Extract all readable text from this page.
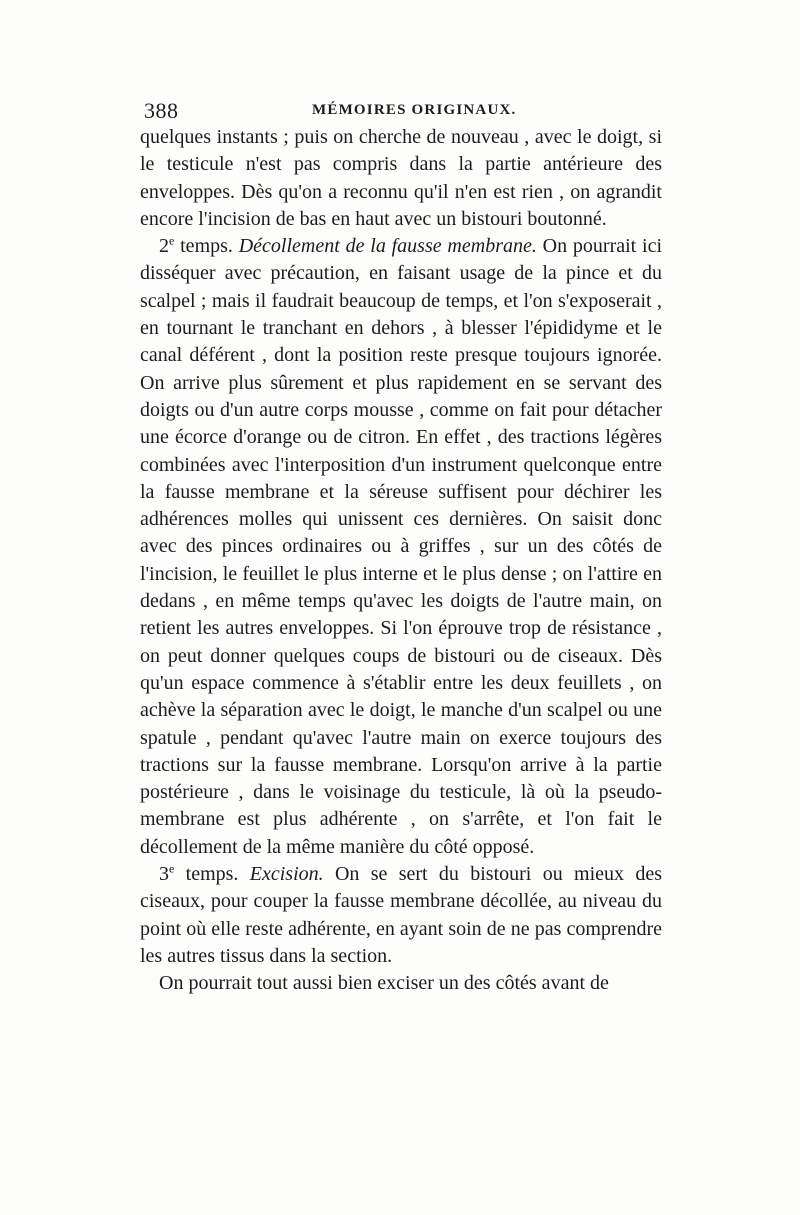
388	MÉMOIRES ORIGINAUX.

quelques instants ; puis on cherche de nouveau , avec le doigt, si le testicule n'est pas compris dans la partie antérieure des enveloppes. Dès qu'on a reconnu qu'il n'en est rien , on agrandit encore l'incision de bas en haut avec un bistouri boutonné.

2e temps. Décollement de la fausse membrane. On pourrait ici disséquer avec précaution, en faisant usage de la pince et du scalpel ; mais il faudrait beaucoup de temps, et l'on s'exposerait , en tournant le tranchant en dehors , à blesser l'épididyme et le canal déférent , dont la position reste presque toujours ignorée. On arrive plus sûrement et plus rapidement en se servant des doigts ou d'un autre corps mousse , comme on fait pour détacher une écorce d'orange ou de citron. En effet , des tractions légères combinées avec l'interposition d'un instrument quelconque entre la fausse membrane et la séreuse suffisent pour déchirer les adhérences molles qui unissent ces dernières. On saisit donc avec des pinces ordinaires ou à griffes , sur un des côtés de l'incision, le feuillet le plus interne et le plus dense ; on l'attire en dedans , en même temps qu'avec les doigts de l'autre main, on retient les autres enveloppes. Si l'on éprouve trop de résistance , on peut donner quelques coups de bistouri ou de ciseaux. Dès qu'un espace commence à s'établir entre les deux feuillets , on achève la séparation avec le doigt, le manche d'un scalpel ou une spatule , pendant qu'avec l'autre main on exerce toujours des tractions sur la fausse membrane. Lorsqu'on arrive à la partie postérieure , dans le voisinage du testicule, là où la pseudo-membrane est plus adhérente , on s'arrête, et l'on fait le décollement de la même manière du côté opposé.

3e temps. Excision. On se sert du bistouri ou mieux des ciseaux, pour couper la fausse membrane décollée, au niveau du point où elle reste adhérente, en ayant soin de ne pas comprendre les autres tissus dans la section.

On pourrait tout aussi bien exciser un des côtés avant de
